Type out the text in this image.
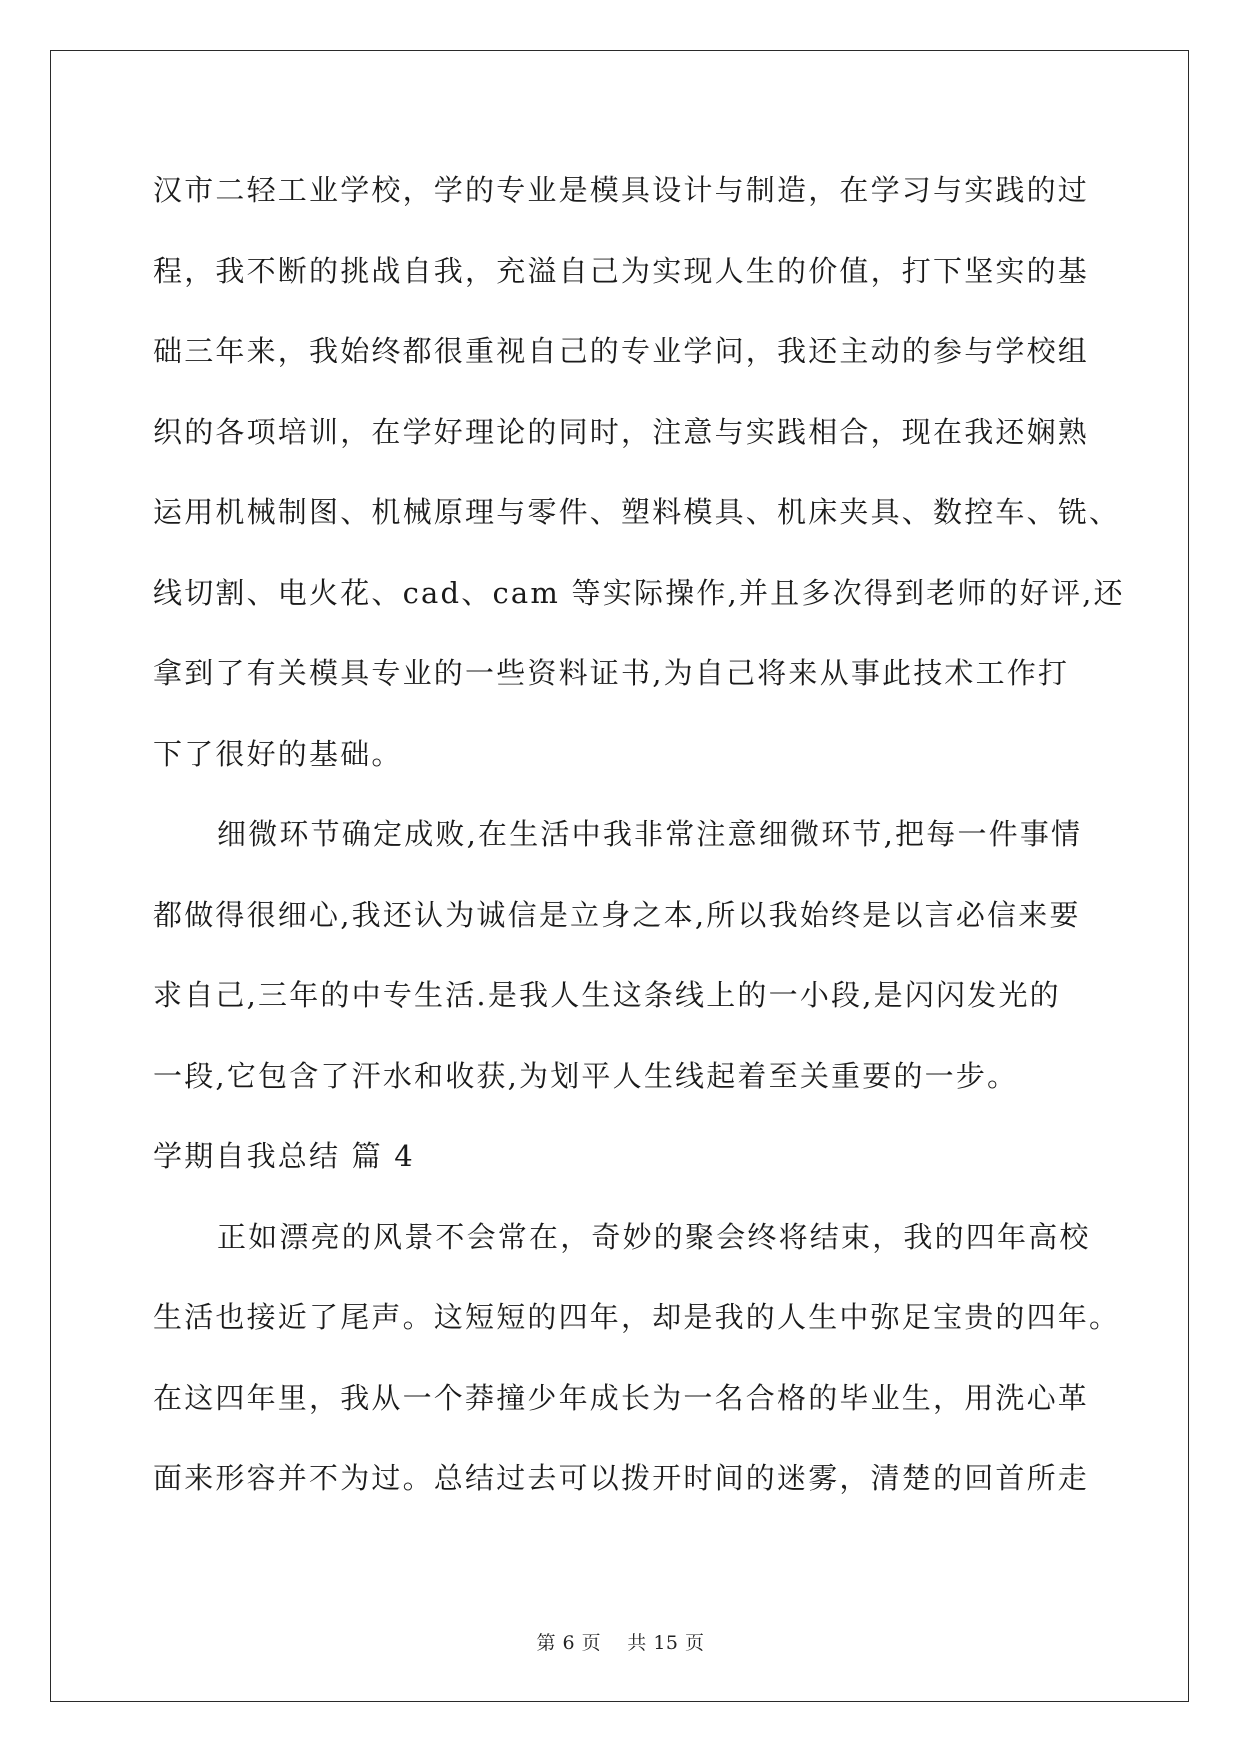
汉市二轻工业学校，学的专业是模具设计与制造，在学习与实践的过
程，我不断的挑战自我，充溢自己为实现人生的价值，打下坚实的基
础三年来，我始终都很重视自己的专业学问，我还主动的参与学校组
织的各项培训，在学好理论的同时，注意与实践相合，现在我还娴熟
运用机械制图、机械原理与零件、塑料模具、机床夹具、数控车、铣、
线切割、电火花、cad、cam 等实际操作,并且多次得到老师的好评,还
拿到了有关模具专业的一些资料证书,为自己将来从事此技术工作打
下了很好的基础。
细微环节确定成败,在生活中我非常注意细微环节,把每一件事情
都做得很细心,我还认为诚信是立身之本,所以我始终是以言必信来要
求自己,三年的中专生活.是我人生这条线上的一小段,是闪闪发光的
一段,它包含了汗水和收获,为划平人生线起着至关重要的一步。
学期自我总结 篇 4
正如漂亮的风景不会常在，奇妙的聚会终将结束，我的四年高校
生活也接近了尾声。这短短的四年，却是我的人生中弥足宝贵的四年。
在这四年里，我从一个莽撞少年成长为一名合格的毕业生，用洗心革
面来形容并不为过。总结过去可以拨开时间的迷雾，清楚的回首所走
第 6 页    共 15 页
